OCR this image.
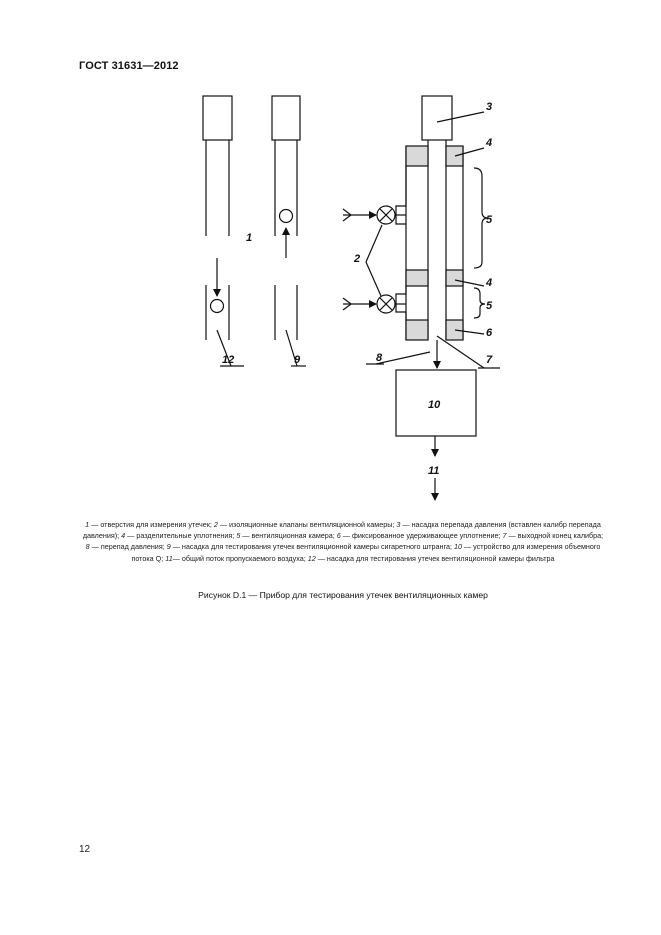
ГОСТ 31631—2012
1
2
3
4
5
4
5
6
7
8
9
10
11
12
1 — отверстия для измерения утечек; 2 — изоляционные клапаны вентиляционной камеры; 3 — насадка перепада давления (вставлен калибр перепада давления); 4 — разделительные уплотнения; 5 — вентиляционная камера; 6 — фиксированное удерживающее уплотнение; 7 — выходной конец калибра; 8 — перепад давления; 9 — насадка для тестирования утечек вентиляционной камеры сигаретного штранга; 10 — устройство для измерения объемного потока Q; 11— общий поток пропускаемого воздуха; 12 — насадка для тестирования утечек вентиляционной камеры фильтра
Рисунок D.1 — Прибор для тестирования утечек вентиляционных камер
12
